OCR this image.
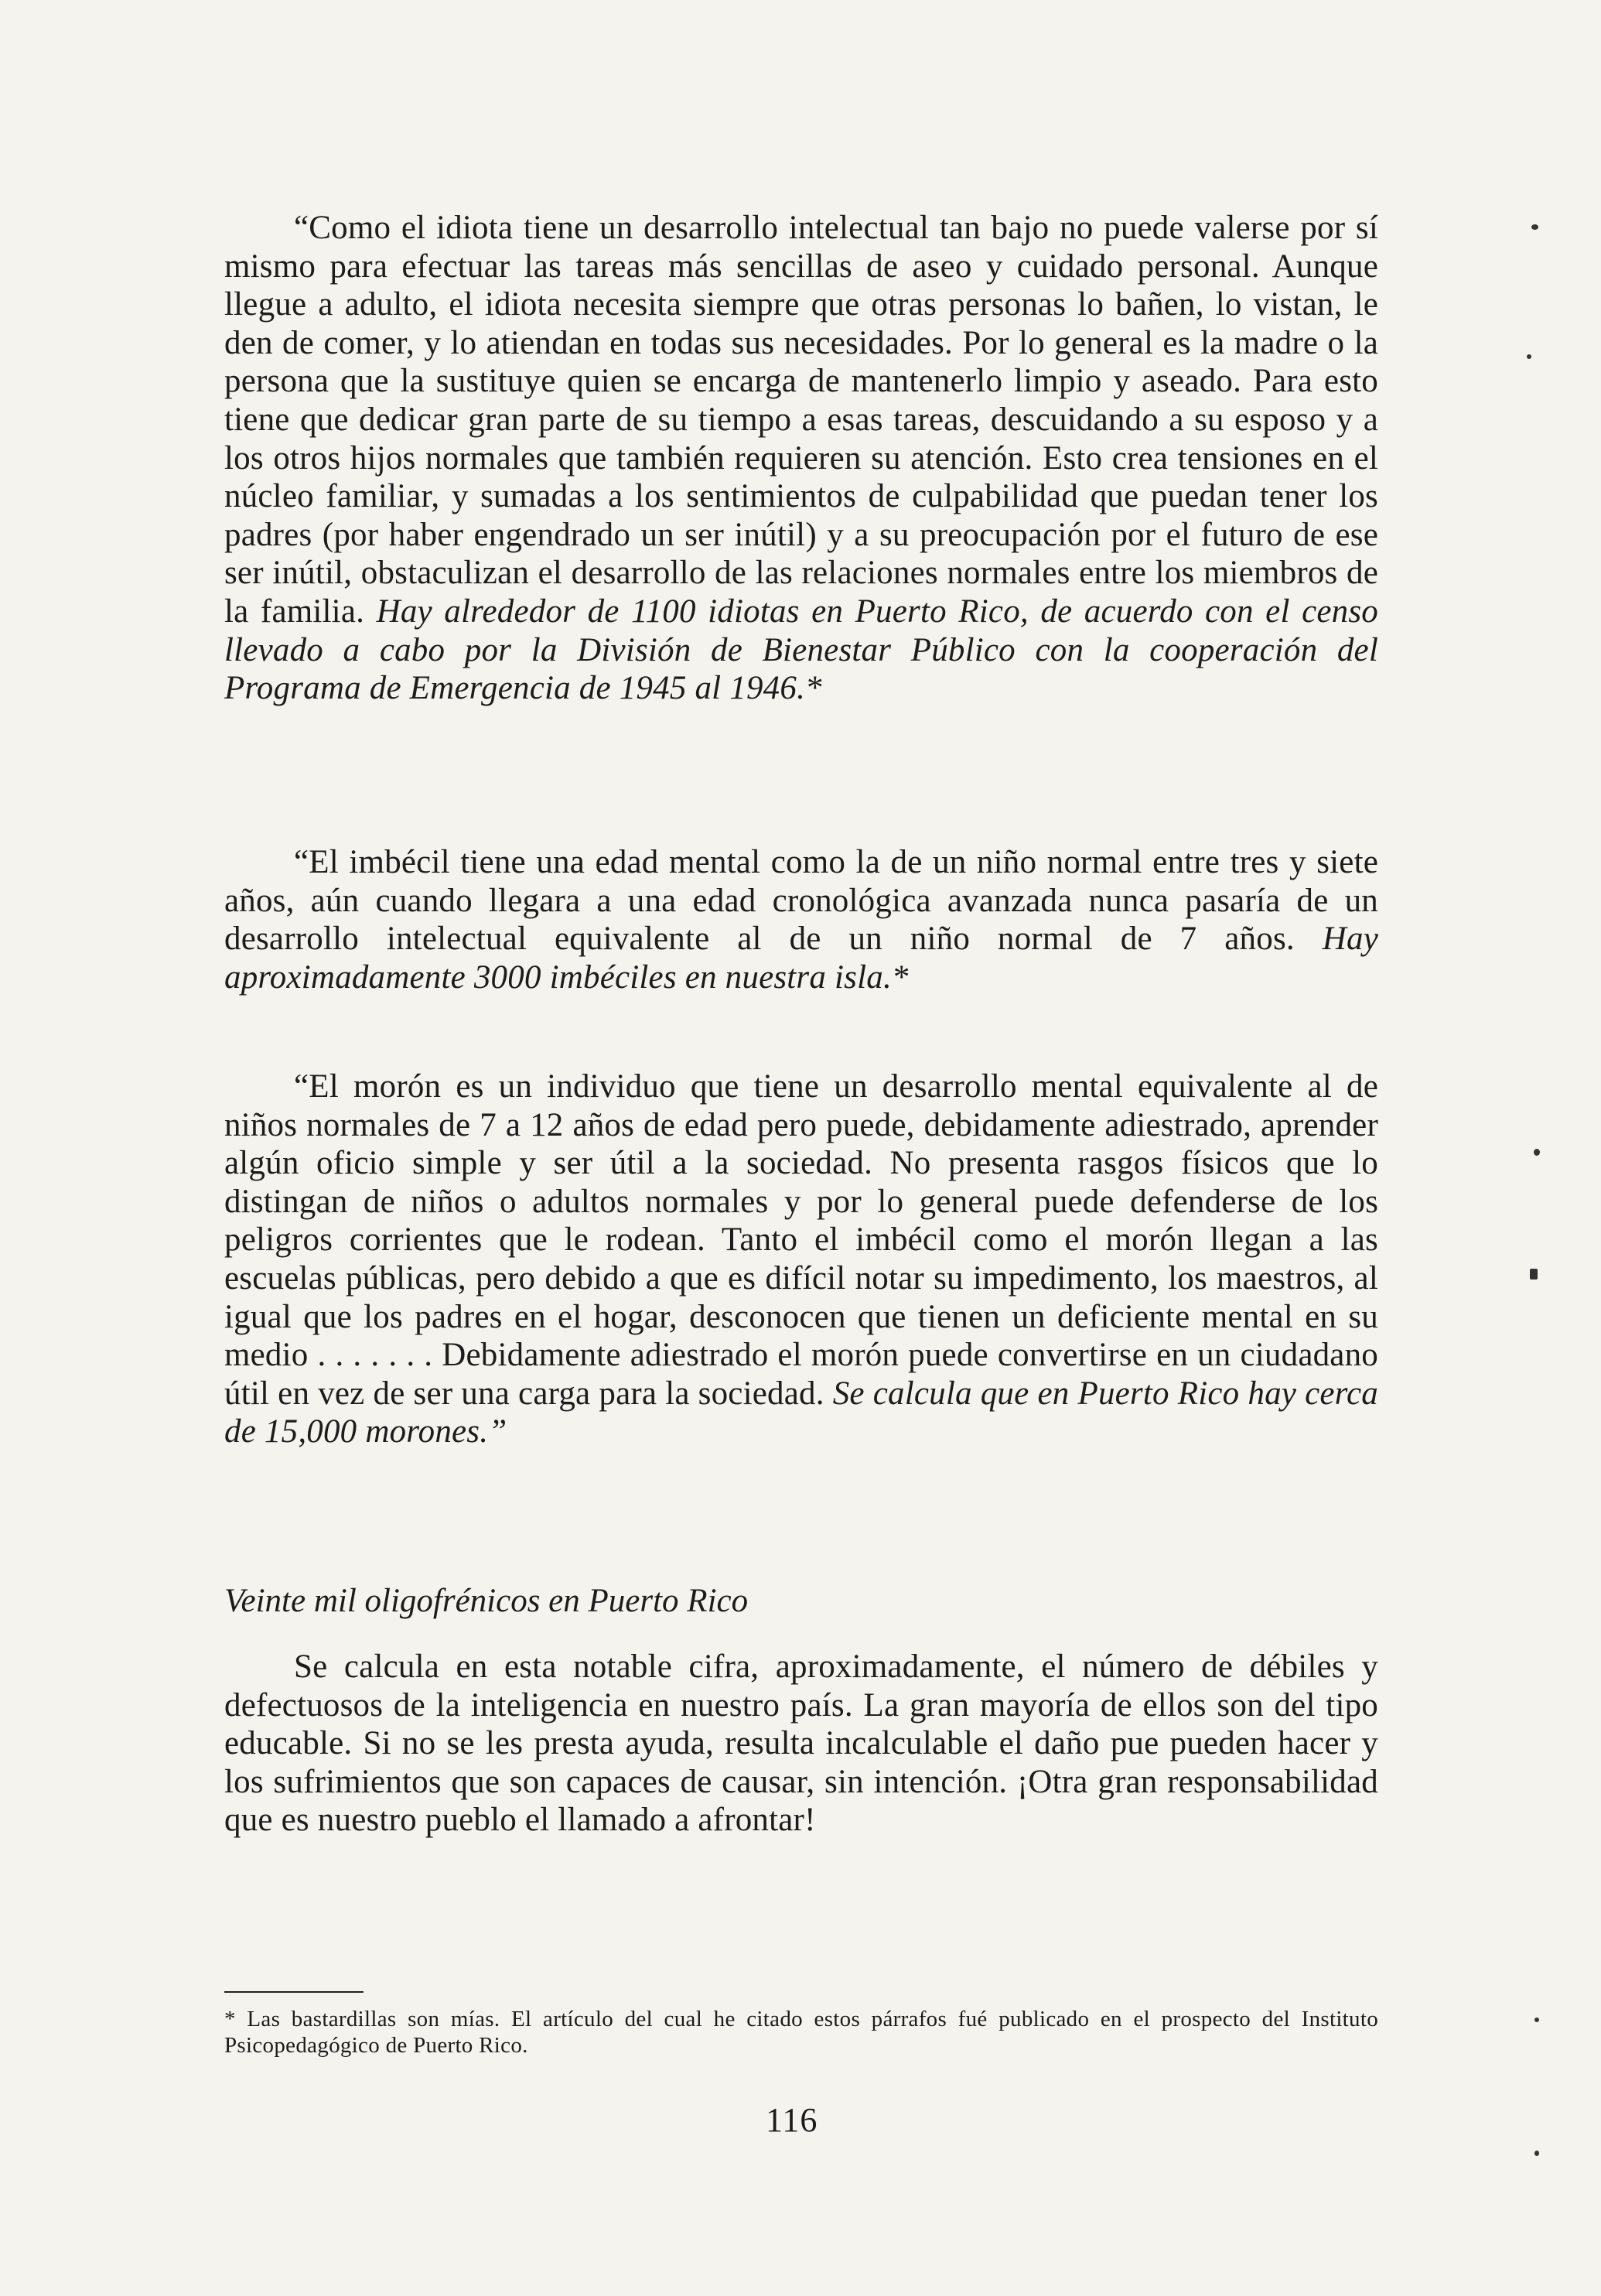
“Como el idiota tiene un desarrollo intelectual tan bajo no puede valerse por sí mismo para efectuar las tareas más sencillas de aseo y cuidado personal. Aunque llegue a adulto, el idiota necesita siempre que otras personas lo bañen, lo vistan, le den de comer, y lo atiendan en todas sus necesidades. Por lo general es la madre o la persona que la sustituye quien se encarga de mantenerlo limpio y aseado. Para esto tiene que dedicar gran parte de su tiempo a esas tareas, descuidando a su esposo y a los otros hijos normales que también requieren su atención. Esto crea tensiones en el núcleo familiar, y sumadas a los sentimientos de culpabilidad que puedan tener los padres (por haber engendrado un ser inútil) y a su preocupación por el futuro de ese ser inútil, obstaculizan el desarrollo de las relaciones normales entre los miembros de la familia. Hay alrededor de 1100 idiotas en Puerto Rico, de acuerdo con el censo llevado a cabo por la División de Bienestar Público con la cooperación del Programa de Emergencia de 1945 al 1946.*

“El imbécil tiene una edad mental como la de un niño normal entre tres y siete años, aún cuando llegara a una edad cronológica avanzada nunca pasaría de un desarrollo intelectual equivalente al de un niño normal de 7 años. Hay aproximadamente 3000 imbéciles en nuestra isla.*

“El morón es un individuo que tiene un desarrollo mental equivalente al de niños normales de 7 a 12 años de edad pero puede, debidamente adiestrado, aprender algún oficio simple y ser útil a la sociedad. No presenta rasgos físicos que lo distingan de niños o adultos normales y por lo general puede defenderse de los peligros corrientes que le rodean. Tanto el imbécil como el morón llegan a las escuelas públicas, pero debido a que es difícil notar su impedimento, los maestros, al igual que los padres en el hogar, desconocen que tienen un deficiente mental en su medio . . . . . . . Debidamente adiestrado el morón puede convertirse en un ciudadano útil en vez de ser una carga para la sociedad. Se calcula que en Puerto Rico hay cerca de 15,000 morones.”

Veinte mil oligofrénicos en Puerto Rico

Se calcula en esta notable cifra, aproximadamente, el número de débiles y defectuosos de la inteligencia en nuestro país. La gran mayoría de ellos son del tipo educable. Si no se les presta ayuda, resulta incalculable el daño pue pueden hacer y los sufrimientos que son capaces de causar, sin intención. ¡Otra gran responsabilidad que es nuestro pueblo el llamado a afrontar!

* Las bastardillas son mías. El artículo del cual he citado estos párrafos fué publicado en el prospecto del Instituto Psicopedagógico de Puerto Rico.
116
